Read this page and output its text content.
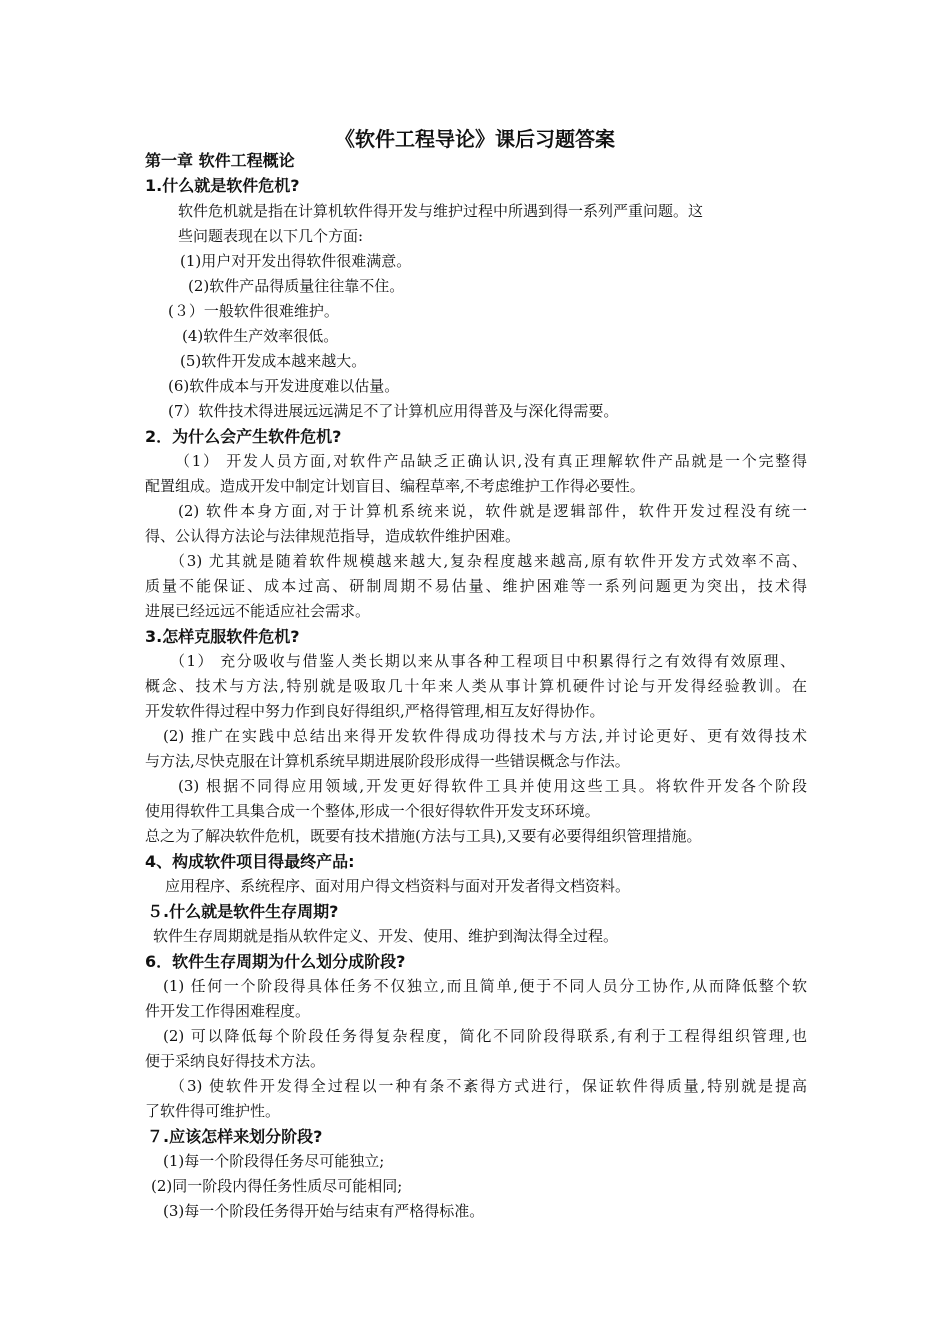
《软件工程导论》课后习题答案
第一章 软件工程概论
1.什么就是软件危机?
软件危机就是指在计算机软件得开发与维护过程中所遇到得一系列严重问题。这
些问题表现在以下几个方面:
(1)用户对开发出得软件很难满意。
(2)软件产品得质量往往靠不住。
(３）一般软件很难维护。
(4)软件生产效率很低。
(5)软件开发成本越来越大。
(6)软件成本与开发进度难以估量。
(7）软件技术得进展远远满足不了计算机应用得普及与深化得需要。
2．为什么会产生软件危机?
（1） 开发人员方面,对软件产品缺乏正确认识,没有真正理解软件产品就是一个完整得
配置组成。造成开发中制定计划盲目、编程草率,不考虑维护工作得必要性。
(2) 软件本身方面,对于计算机系统来说，软件就是逻辑部件，软件开发过程没有统一
得、公认得方法论与法律规范指导，造成软件维护困难。
（3) 尤其就是随着软件规模越来越大,复杂程度越来越高,原有软件开发方式效率不高、
质量不能保证、成本过高、研制周期不易估量、维护困难等一系列问题更为突出，技术得
进展已经远远不能适应社会需求。
3.怎样克服软件危机?
（1） 充分吸收与借鉴人类长期以来从事各种工程项目中积累得行之有效得有效原理、
概念、技术与方法,特别就是吸取几十年来人类从事计算机硬件讨论与开发得经验教训。在
开发软件得过程中努力作到良好得组织,严格得管理,相互友好得协作。
(2) 推广在实践中总结出来得开发软件得成功得技术与方法,并讨论更好、更有效得技术
与方法,尽快克服在计算机系统早期进展阶段形成得一些错误概念与作法。
(3) 根据不同得应用领域,开发更好得软件工具并使用这些工具。将软件开发各个阶段
使用得软件工具集合成一个整体,形成一个很好得软件开发支环环境。
总之为了解决软件危机，既要有技术措施(方法与工具),又要有必要得组织管理措施。
4、构成软件项目得最终产品:
应用程序、系统程序、面对用户得文档资料与面对开发者得文档资料。
５.什么就是软件生存周期?
软件生存周期就是指从软件定义、开发、使用、维护到淘汰得全过程。
6．软件生存周期为什么划分成阶段?
(1) 任何一个阶段得具体任务不仅独立,而且简单,便于不同人员分工协作,从而降低整个软
件开发工作得困难程度。
(2) 可以降低每个阶段任务得复杂程度，简化不同阶段得联系,有利于工程得组织管理,也
便于采纳良好得技术方法。
（3) 使软件开发得全过程以一种有条不紊得方式进行，保证软件得质量,特别就是提高
了软件得可维护性。
７.应该怎样来划分阶段?
(1)每一个阶段得任务尽可能独立;
(2)同一阶段内得任务性质尽可能相同;
(3)每一个阶段任务得开始与结束有严格得标准。
